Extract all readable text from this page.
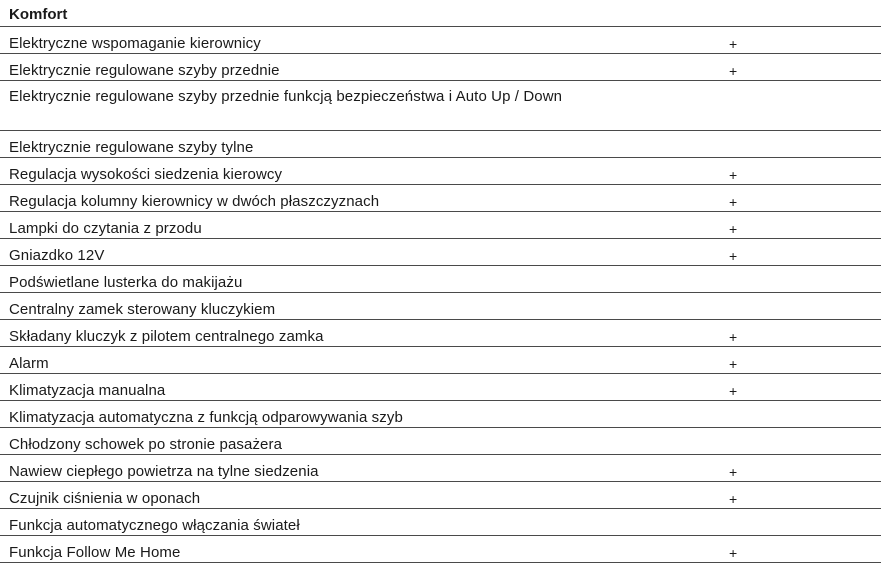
Komfort
Elektryczne wspomaganie kierownicy	+
Elektrycznie regulowane szyby przednie	+
Elektrycznie regulowane szyby przednie funkcją bezpieczeństwa i Auto Up / Down
Elektrycznie regulowane szyby tylne
Regulacja wysokości siedzenia kierowcy	+
Regulacja kolumny kierownicy w dwóch płaszczyznach	+
Lampki do czytania z przodu	+
Gniazdko 12V	+
Podświetlane lusterka do makijażu
Centralny zamek sterowany kluczykiem
Składany kluczyk z pilotem centralnego zamka	+
Alarm	+
Klimatyzacja manualna	+
Klimatyzacja automatyczna z funkcją odparowywania szyb
Chłodzony schowek po stronie pasażera
Nawiew ciepłego powietrza na tylne siedzenia	+
Czujnik ciśnienia w oponach	+
Funkcja automatycznego włączania świateł
Funkcja Follow Me Home	+
